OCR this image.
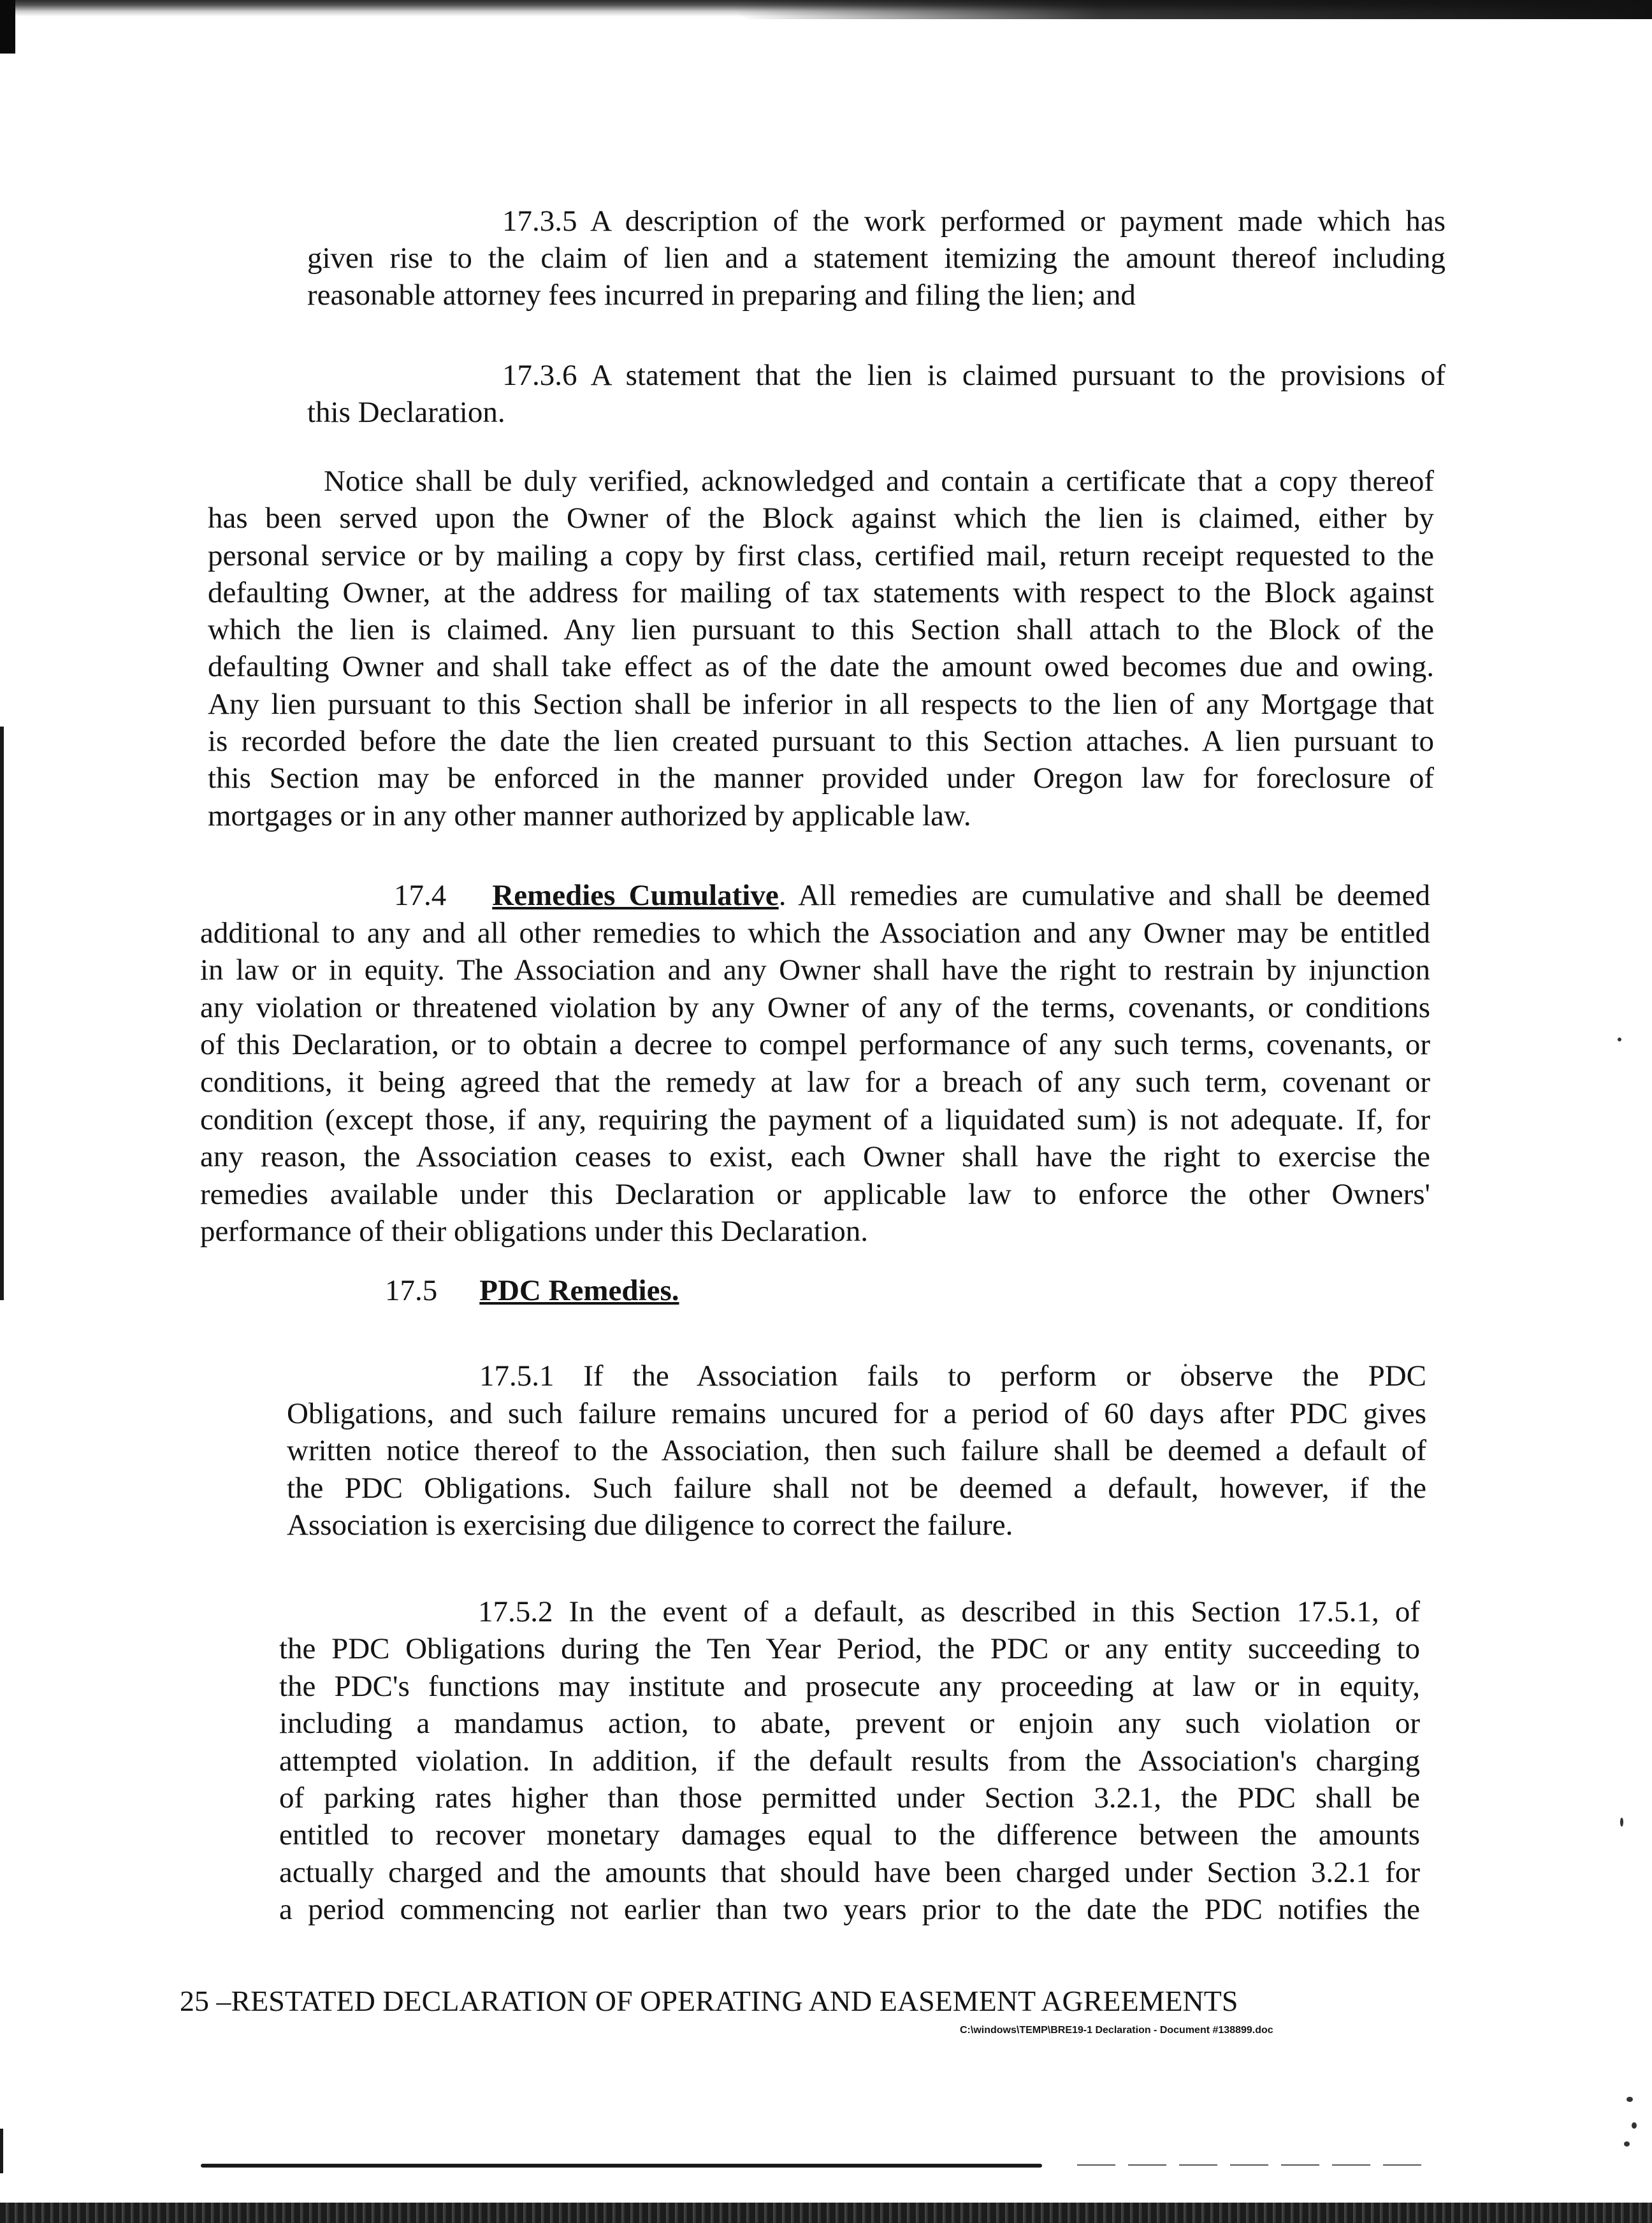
17.3.5 A description of the work performed or payment made which has
given rise to the claim of lien and a statement itemizing the amount thereof including
reasonable attorney fees incurred in preparing and filing the lien; and
17.3.6 A statement that the lien is claimed pursuant to the provisions of
this Declaration.
Notice shall be duly verified, acknowledged and contain a certificate that a copy thereof
has been served upon the Owner of the Block against which the lien is claimed, either by
personal service or by mailing a copy by first class, certified mail, return receipt requested to the
defaulting Owner, at the address for mailing of tax statements with respect to the Block against
which the lien is claimed. Any lien pursuant to this Section shall attach to the Block of the
defaulting Owner and shall take effect as of the date the amount owed becomes due and owing.
Any lien pursuant to this Section shall be inferior in all respects to the lien of any Mortgage that
is recorded before the date the lien created pursuant to this Section attaches. A lien pursuant to
this Section may be enforced in the manner provided under Oregon law for foreclosure of
mortgages or in any other manner authorized by applicable law.
17.4 Remedies Cumulative. All remedies are cumulative and shall be deemed
additional to any and all other remedies to which the Association and any Owner may be entitled
in law or in equity. The Association and any Owner shall have the right to restrain by injunction
any violation or threatened violation by any Owner of any of the terms, covenants, or conditions
of this Declaration, or to obtain a decree to compel performance of any such terms, covenants, or
conditions, it being agreed that the remedy at law for a breach of any such term, covenant or
condition (except those, if any, requiring the payment of a liquidated sum) is not adequate. If, for
any reason, the Association ceases to exist, each Owner shall have the right to exercise the
remedies available under this Declaration or applicable law to enforce the other Owners'
performance of their obligations under this Declaration.
17.5 PDC Remedies.
17.5.1 If the Association fails to perform or observe the PDC
Obligations, and such failure remains uncured for a period of 60 days after PDC gives
written notice thereof to the Association, then such failure shall be deemed a default of
the PDC Obligations. Such failure shall not be deemed a default, however, if the
Association is exercising due diligence to correct the failure.
17.5.2 In the event of a default, as described in this Section 17.5.1, of
the PDC Obligations during the Ten Year Period, the PDC or any entity succeeding to
the PDC's functions may institute and prosecute any proceeding at law or in equity,
including a mandamus action, to abate, prevent or enjoin any such violation or
attempted violation. In addition, if the default results from the Association's charging
of parking rates higher than those permitted under Section 3.2.1, the PDC shall be
entitled to recover monetary damages equal to the difference between the amounts
actually charged and the amounts that should have been charged under Section 3.2.1 for
a period commencing not earlier than two years prior to the date the PDC notifies the
25 –RESTATED DECLARATION OF OPERATING AND EASEMENT AGREEMENTS
C:\windows\TEMP\BRE19-1 Declaration - Document #138899.doc
